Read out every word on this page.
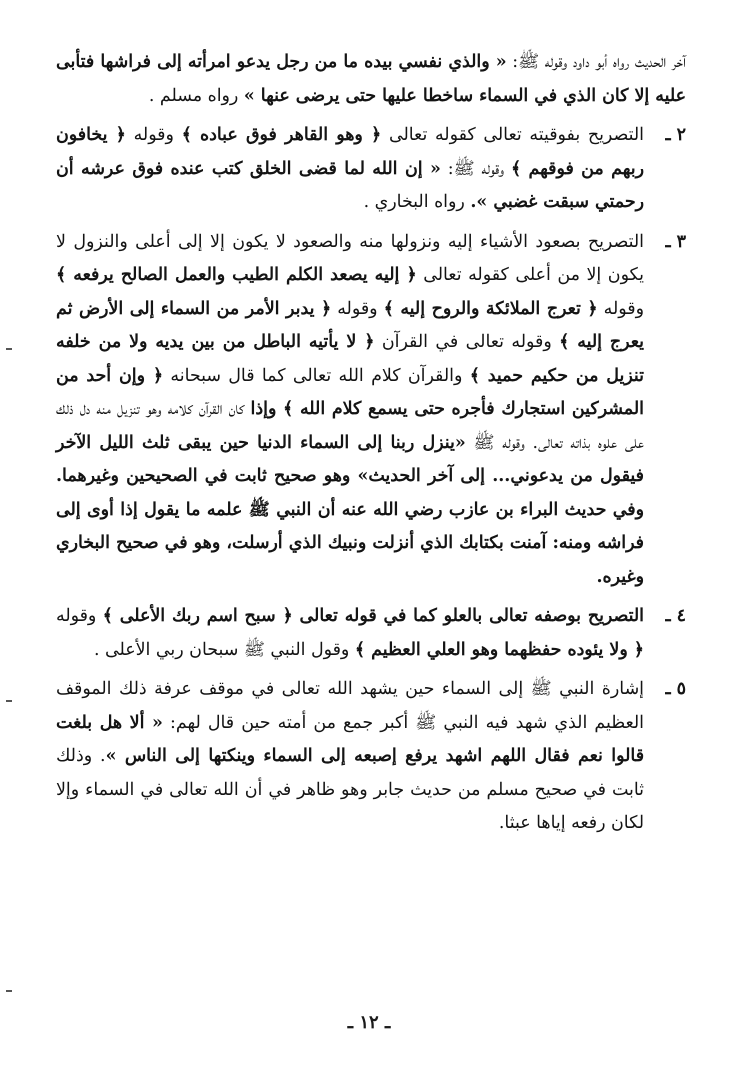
آخر الحديث رواه أبو داود وقوله ﷺ: « والذي نفسي بيده ما من رجل يدعو امرأته إلى فراشها فتأبى عليه إلا كان الذي في السماء ساخطا عليها حتى يرضى عنها » رواه مسلم .

٢ ـ
التصريح بفوقيته تعالى كقوله تعالى ﴿ وهو القاهر فوق عباده ﴾ وقوله ﴿ يخافون ربهم من فوقهم ﴾ وقوله ﷺ: « إن الله لما قضى الخلق كتب عنده فوق عرشه أن رحمتي سبقت غضبي ». رواه البخاري .
٣ ـ
التصريح بصعود الأشياء إليه ونزولها منه والصعود لا يكون إلا إلى أعلى والنزول لا يكون إلا من أعلى كقوله تعالى ﴿ إليه يصعد الكلم الطيب والعمل الصالح يرفعه ﴾ وقوله ﴿ تعرج الملائكة والروح إليه ﴾ وقوله ﴿ يدبر الأمر من السماء إلى الأرض ثم يعرج إليه ﴾ وقوله تعالى في القرآن ﴿ لا يأتيه الباطل من بين يديه ولا من خلفه تنزيل من حكيم حميد ﴾ والقرآن كلام الله تعالى كما قال سبحانه ﴿ وإن أحد من المشركين استجارك فأجره حتى يسمع كلام الله ﴾ وإذا كان القرآن كلامه وهو تنزيل منه دل ذلك على علوه بذاته تعالى. وقوله ﷺ «ينزل ربنا إلى السماء الدنيا حين يبقى ثلث الليل الآخر فيقول من يدعوني... إلى آخر الحديث» وهو صحيح ثابت في الصحيحين وغيرهما. وفي حديث البراء بن عازب رضي الله عنه أن النبي ﷺ علمه ما يقول إذا أوى إلى فراشه ومنه: آمنت بكتابك الذي أنزلت ونبيك الذي أرسلت، وهو في صحيح البخاري وغيره.
٤ ـ
التصريح بوصفه تعالى بالعلو كما في قوله تعالى ﴿ سبح اسم ربك الأعلى ﴾ وقوله ﴿ ولا يئوده حفظهما وهو العلي العظيم ﴾ وقول النبي ﷺ سبحان ربي الأعلى .
٥ ـ
إشارة النبي ﷺ إلى السماء حين يشهد الله تعالى في موقف عرفة ذلك الموقف العظيم الذي شهد فيه النبي ﷺ أكبر جمع من أمته حين قال لهم: « ألا هل بلغت قالوا نعم فقال اللهم اشهد يرفع إصبعه إلى السماء وينكتها إلى الناس ». وذلك ثابت في صحيح مسلم من حديث جابر وهو ظاهر في أن الله تعالى في السماء وإلا لكان رفعه إياها عبثا.
ـ ١٢ ـ
